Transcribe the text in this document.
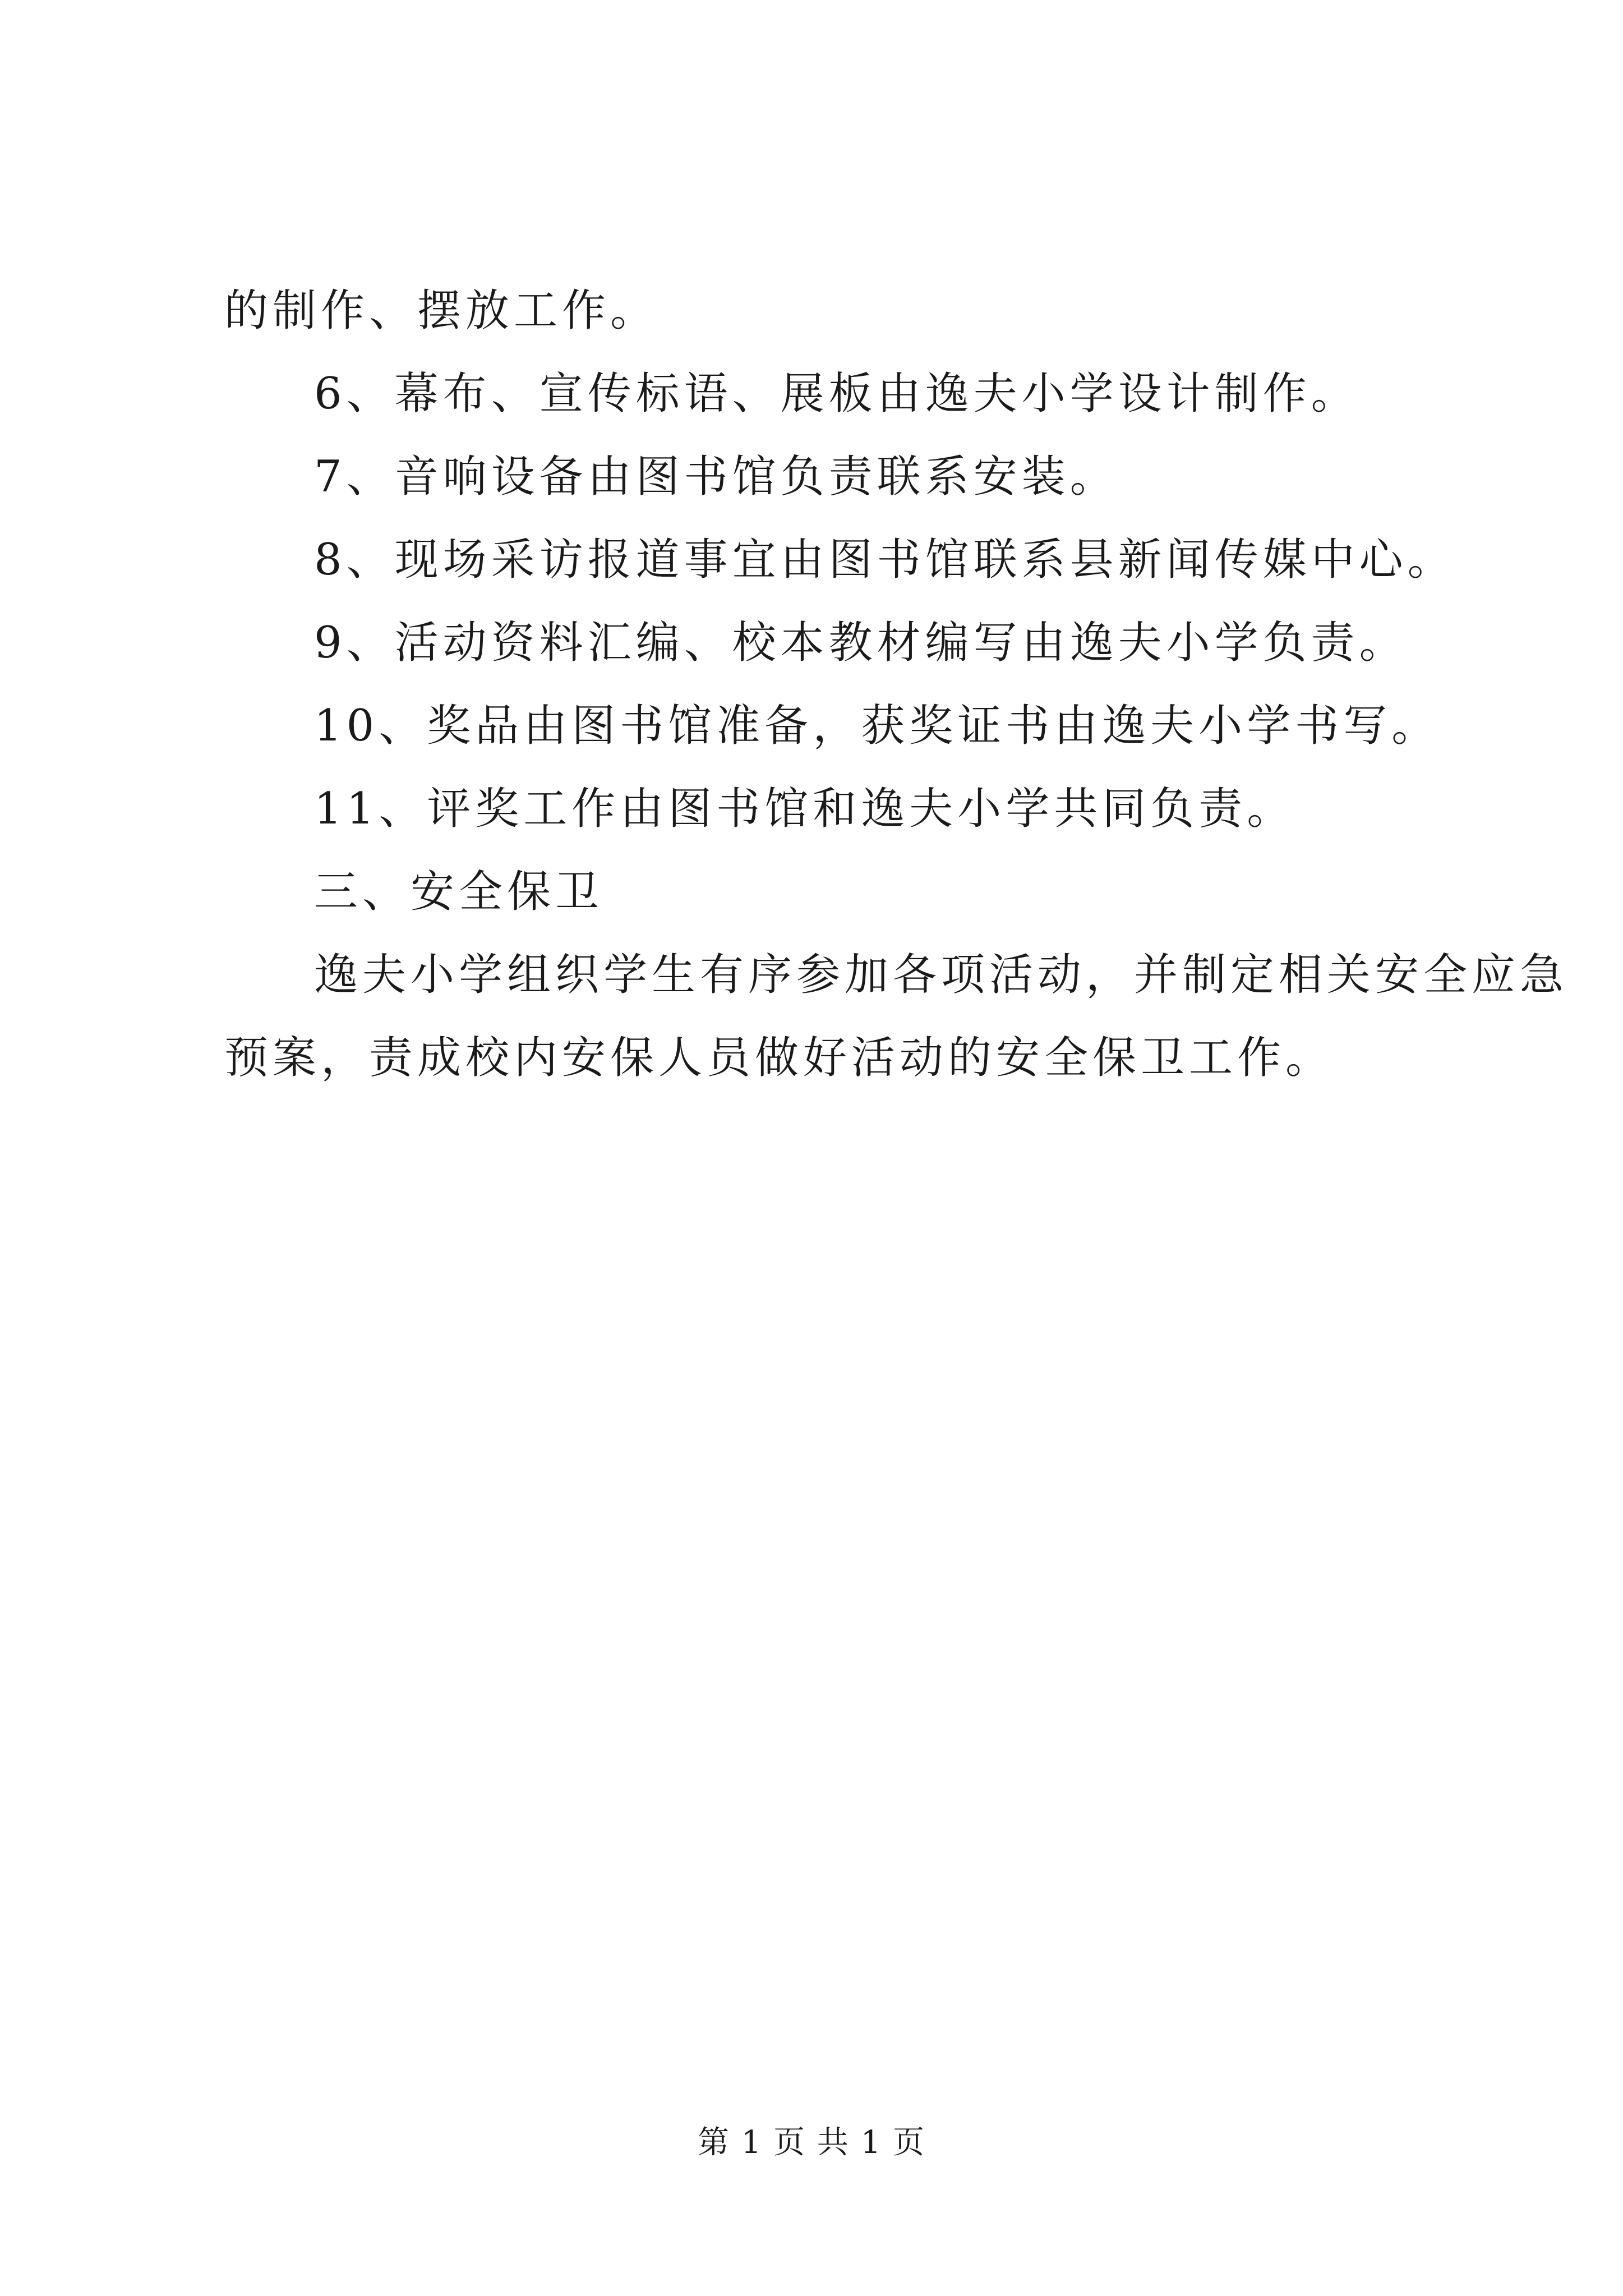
的制作、摆放工作。
6、幕布、宣传标语、展板由逸夫小学设计制作。
7、音响设备由图书馆负责联系安装。
8、现场采访报道事宜由图书馆联系县新闻传媒中心。
9、活动资料汇编、校本教材编写由逸夫小学负责。
10、奖品由图书馆准备，获奖证书由逸夫小学书写。
11、评奖工作由图书馆和逸夫小学共同负责。
三、安全保卫
逸夫小学组织学生有序参加各项活动，并制定相关安全应急
预案，责成校内安保人员做好活动的安全保卫工作。
第 1 页 共 1 页
